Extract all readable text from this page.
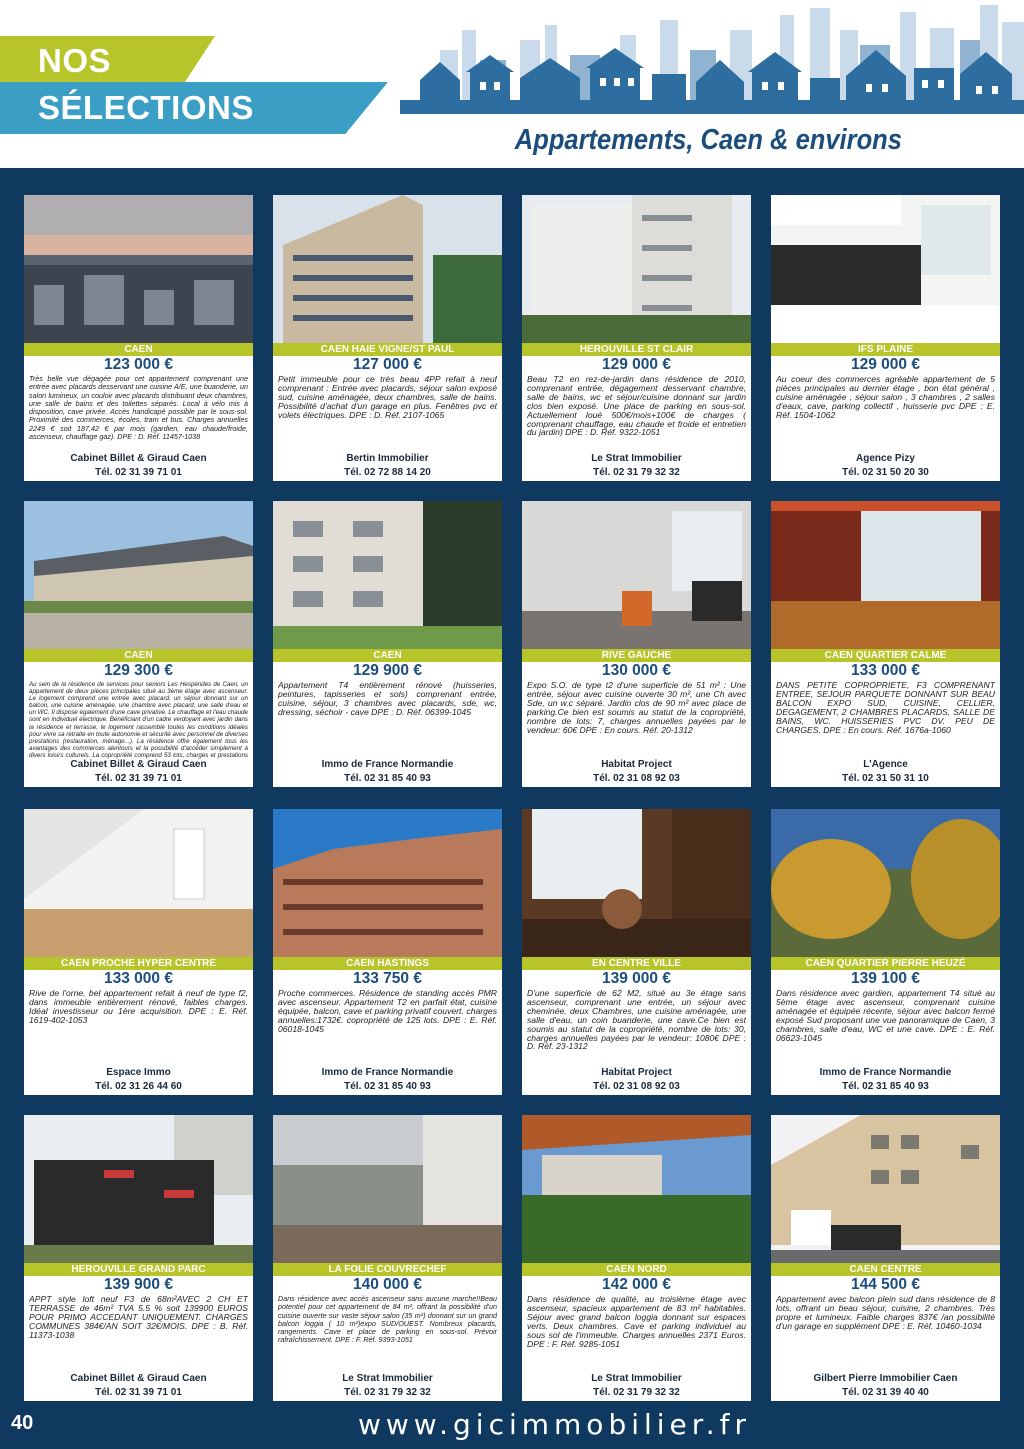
NOS
SÉLECTIONS
Appartements, Caen & environs
CAEN
123 000 €
Très belle vue dégagée pour cet appartement comprenant une entrée avec placards desservant une cuisine A/E, une buanderie, un salon lumineux, un couloir avec placards distribuant deux chambres, une salle de bains et des toilettes séparés. Local à vélo mis à disposition, cave privée. Accès handicapé possible par le sous-sol. Proximité des commerces, écoles, tram et bus. Charges annuelles 2249 € soit 187,42 € par mois (gardien, eau chaude/froide, ascenseur, chauffage gaz). DPE : D. Réf. 11457-1038
Cabinet Billet & Giraud Caen
Tél. 02 31 39 71 01
CAEN HAIE VIGNE/ST PAUL
127 000 €
Petit immeuble pour ce très beau 4PP refait à neuf comprenant : Entrée avec placards, séjour salon exposé sud, cuisine aménagée, deux chambres, salle de bains. Possibilité d'achat d'un garage en plus. Fenêtres pvc et volets électriques. DPE : D. Réf. 2107-1065
Bertin Immobilier
Tél. 02 72 88 14 20
HEROUVILLE ST CLAIR
129 000 €
Beau T2 en rez-de-jardin dans résidence de 2010, comprenant entrée, dégagement desservant chambre, salle de bains, wc et séjour/cuisine donnant sur jardin clos bien exposé. Une place de parking en sous-sol. Actuellement loué 500€/mois+100€ de charges ( comprenant chauffage, eau chaude et froide et entretien du jardin) DPE : D. Réf. 9322-1051
Le Strat Immobilier
Tél. 02 31 79 32 32
IFS PLAINE
129 000 €
Au coeur des commerces agréable appartement de 5 pièces principales au dernier étage , bon état général , cuisine aménagée , séjour salon , 3 chambres , 2 salles d'eaux, cave, parking collectif , huisserie pvc DPE : E. Réf. 1504-1062
Agence Pizy
Tél. 02 31 50 20 30
CAEN
129 300 €
Au sein de la résidence de services pour seniors Les Hespérides de Caen, un appartement de deux pièces principales situé au 3ème étage avec ascenseur. Le logement comprend une entrée avec placard, un séjour donnant sur un balcon, une cuisine aménagée, une chambre avec placard, une salle d'eau et un WC. Il dispose également d'une cave privative. Le chauffage et l'eau chaude sont en individuel électrique. Bénéficiant d'un cadre verdoyant avec jardin dans la résidence et terrasse, le logement rassemble toutes les conditions idéales pour vivre sa retraite en toute autonomie et sécurité avec personnel de diverses prestations (restauration, ménage...). La résidence offre également tous les avantages des commerces alentours et la possibilité d'accéder simplement à divers loisirs culturels. La copropriété comprend 53 lots, charges et prestations
Cabinet Billet & Giraud Caen
Tél. 02 31 39 71 01
CAEN
129 900 €
Appartement T4 entièrement rénové (huisseries, peintures, tapisseries et sols) comprenant entrée, cuisine, séjour, 3 chambres avec placards, sde, wc, dressing, séchoir - cave DPE : D. Réf. 06399-1045
Immo de France Normandie
Tél. 02 31 85 40 93
RIVE GAUCHE
130 000 €
Expo S.O. de type t2 d'une superficie de 51 m² : Une entrée, séjour avec cuisine ouverte 30 m², une Ch avec Sde, un w.c séparé. Jardin clos de 90 m² avec place de parking.Ce bien est soumis au statut de la copropriété, nombre de lots: 7, charges annuelles payées par le vendeur: 60€ DPE : En cours. Réf. 20-1312
Habitat Project
Tél. 02 31 08 92 03
CAEN QUARTIER CALME
133 000 €
DANS PETITE COPROPRIETE, F3 COMPRENANT ENTREE, SEJOUR PARQUETE DONNANT SUR BEAU BALCON EXPO SUD, CUISINE, CELLIER, DEGAGEMENT, 2 CHAMBRES PLACARDS, SALLE DE BAINS, WC. HUISSERIES PVC DV. PEU DE CHARGES. DPE : En cours. Réf. 1676a-1060
L'Agence
Tél. 02 31 50 31 10
CAEN PROCHE HYPER CENTRE
133 000 €
Rive de l'orne, bel appartement refait à neuf de type f2, dans immeuble entièrement rénové, faibles charges. Idéal investisseur ou 1ère acquisition. DPE : E. Réf. 1619-402-1053
Espace Immo
Tél. 02 31 26 44 60
CAEN HASTINGS
133 750 €
Proche commerces. Résidence de standing accès PMR avec ascenseur. Appartement T2 en parfait état, cuisine équipée, balcon, cave et parking privatif couvert. charges annuelles:1732€. copropriété de 125 lots. DPE : E. Réf. 06018-1045
Immo de France Normandie
Tél. 02 31 85 40 93
EN CENTRE VILLE
139 000 €
D'une superficie de 62 M2, situé au 3e étage sans ascenseur, comprenant une entrée, un séjour avec cheminée, deux Chambres, une cuisine aménagée, une salle d'eau, un coin buanderie, une cave.Ce bien est soumis au statut de la copropriété, nombre de lots: 30, charges annuelles payées par le vendeur: 1080€ DPE : D. Réf. 23-1312
Habitat Project
Tél. 02 31 08 92 03
CAEN QUARTIER PIERRE HEUZÉ
139 100 €
Dans résidence avec gardien, appartement T4 situé au 5ème étage avec ascenseur, comprenant cuisine aménagée et équipée récente, séjour avec balcon fermé exposé Sud proposant une vue panoramique de Caen, 3 chambres, salle d'eau, WC et une cave. DPE : E. Réf. 06623-1045
Immo de France Normandie
Tél. 02 31 85 40 93
HEROUVILLE GRAND PARC
139 900 €
APPT style loft neuf F3 de 68m²AVEC 2 CH ET TERRASSE de 46m² TVA 5.5 % soit 139900 EUROS POUR PRIMO ACCEDANT UNIQUEMENT. CHARGES COMMUNES 384€/AN SOIT 32€/MOIS. DPE : B. Réf. 11373-1038
Cabinet Billet & Giraud Caen
Tél. 02 31 39 71 01
LA FOLIE COUVRECHEF
140 000 €
Dans résidence avec accès ascenseur sans aucune marche!!Beau potentiel pour cet appartement de 84 m², offrant la possibilité d'un cuisine ouverte sur vaste séjour salon (35 m²) donnant sur un grand balcon loggia ( 10 m²)expo SUD/OUEST. Nombreux placards, rangements. Cave et place de parking en sous-sol. Prévoir rafraîchissement. DPE : F. Réf. 9393-1051
Le Strat Immobilier
Tél. 02 31 79 32 32
CAEN NORD
142 000 €
Dans résidence de qualité, au troisième étage avec ascenseur, spacieux appartement de 83 m² habitables. Séjour avec grand balcon loggia donnant sur espaces verts. Deux chambres. Cave et parking individuel au sous sol de l'immeuble. Charges annuelles 2371 Euros. DPE : F. Réf. 9285-1051
Le Strat Immobilier
Tél. 02 31 79 32 32
CAEN CENTRE
144 500 €
Appartement avec balcon plein sud dans résidence de 8 lots, offrant un beau séjour, cuisine, 2 chambres. Très propre et lumineux. Faible charges 837€ /an possibilité d'un garage en supplément DPE : E. Réf. 10460-1034
Gilbert Pierre Immobilier Caen
Tél. 02 31 39 40 40
40	www.gicimmobilier.fr
